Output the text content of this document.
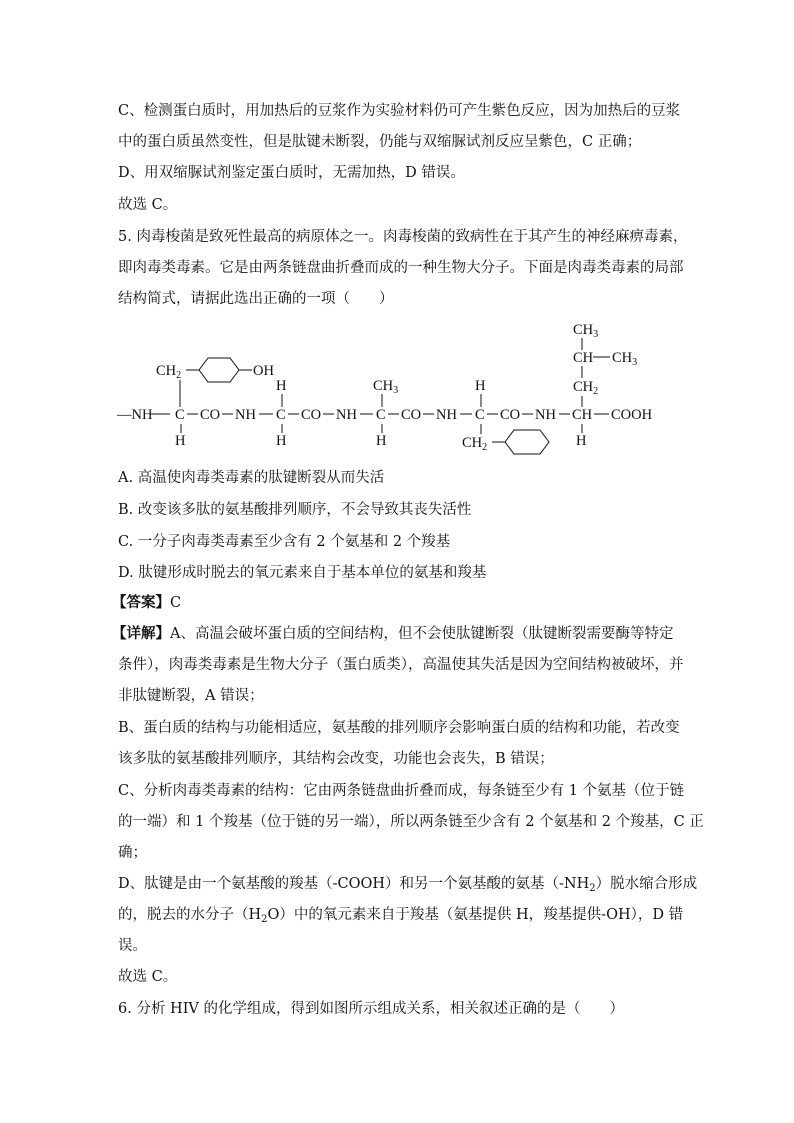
C、检测蛋白质时，用加热后的豆浆作为实验材料仍可产生紫色反应，因为加热后的豆浆
中的蛋白质虽然变性，但是肽键未断裂，仍能与双缩脲试剂反应呈紫色，C 正确；
D、用双缩脲试剂鉴定蛋白质时，无需加热，D 错误。
故选 C。
5. 肉毒梭菌是致死性最高的病原体之一。肉毒梭菌的致病性在于其产生的神经麻痹毒素，
即肉毒类毒素。它是由两条链盘曲折叠而成的一种生物大分子。下面是肉毒类毒素的局部
结构简式，请据此选出正确的一项（　　）
$CH_3$
CH $CH_3$
$CH_2$
$CH_2$	OH
H	$CH_3$	H
—NH C CO NH C CO NH C CO NH C CO NH CH COOH
H	H	H	H
$CH_2$
A. 高温使肉毒类毒素的肽键断裂从而失活
B. 改变该多肽的氨基酸排列顺序，不会导致其丧失活性
C. 一分子肉毒类毒素至少含有 2 个氨基和 2 个羧基
D. 肽键形成时脱去的氧元素来自于基本单位的氨基和羧基
【答案】C
【详解】A、高温会破坏蛋白质的空间结构，但不会使肽键断裂（肽键断裂需要酶等特定
条件），肉毒类毒素是生物大分子（蛋白质类），高温使其失活是因为空间结构被破坏，并
非肽键断裂，A 错误；
B、蛋白质的结构与功能相适应，氨基酸的排列顺序会影响蛋白质的结构和功能，若改变
该多肽的氨基酸排列顺序，其结构会改变，功能也会丧失，B 错误；
C、分析肉毒类毒素的结构：它由两条链盘曲折叠而成，每条链至少有 1 个氨基（位于链
的一端）和 1 个羧基（位于链的另一端），所以两条链至少含有 2 个氨基和 2 个羧基，C 正
确；
D、肽键是由一个氨基酸的羧基（-COOH）和另一个氨基酸的氨基$(-NH_2)$脱水缩合形成
的，脱去的水分子$(H_2O)$中的氧元素来自于羧基（氨基提供 H，羧基提供-OH），D 错
误。
故选 C。
6. 分析 HIV 的化学组成，得到如图所示组成关系，相关叙述正确的是（　　）
